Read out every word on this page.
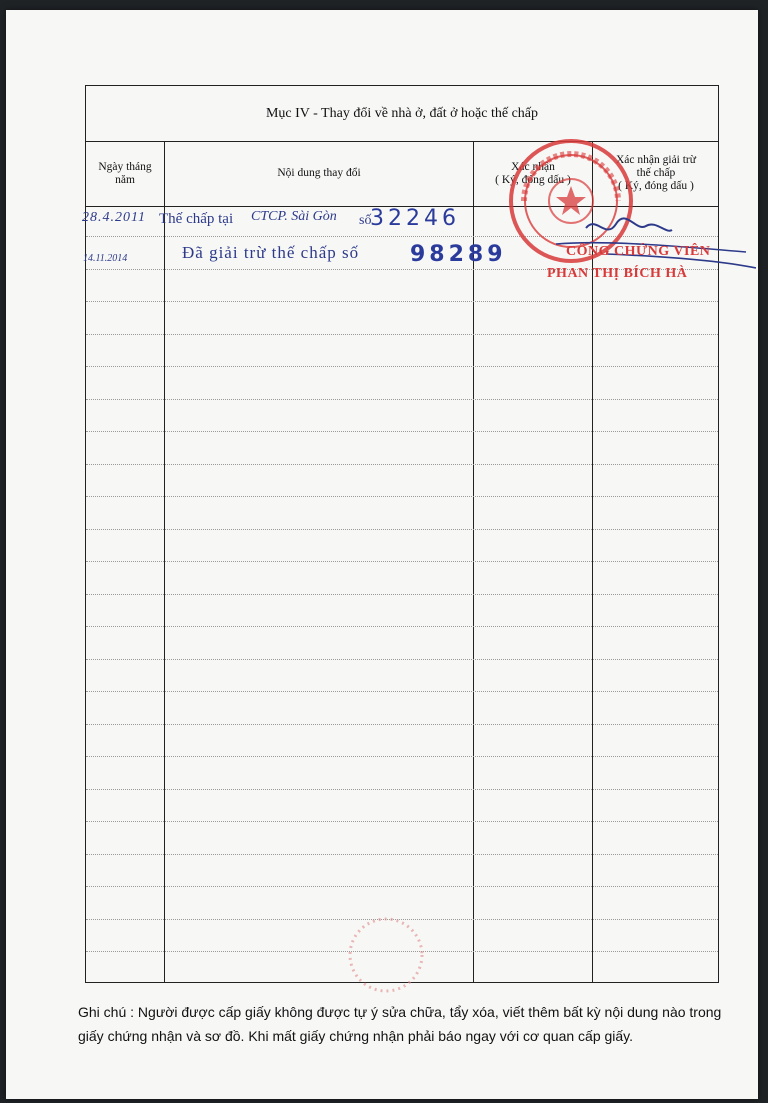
Mục IV - Thay đổi về nhà ở, đất ở hoặc thế chấp
Ngày tháng
năm
Nội dung thay đổi
Xác nhận
( Ký, đóng dấu )
Xác nhận giải trừ
thế chấp
( Ký, đóng dấu )
28.4.2011 Thế chấp tại CTCP. Sài Gòn số
32246
14.11.2014	Đã giải trừ thế chấp số 98289	CÔNG CHỨNG VIÊN
PHAN THỊ BÍCH HÀ
Ghi chú : Người được cấp giấy không được tự ý sửa chữa, tẩy xóa, viết thêm bất kỳ nội dung nào trong giấy chứng nhận và sơ đồ. Khi mất giấy chứng nhận phải báo ngay với cơ quan cấp giấy.
